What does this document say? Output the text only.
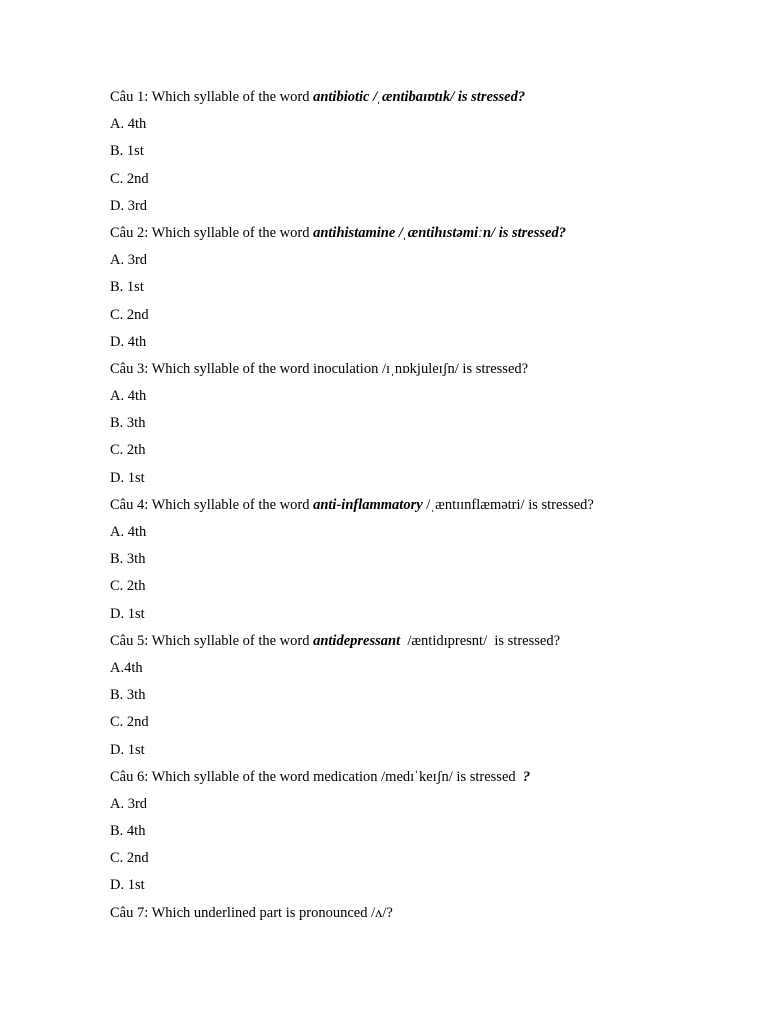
Câu 1: Which syllable of the word antibiotic /ˌæntibaɪɒtɪk/ is stressed?
A. 4th
B. 1st
C. 2nd
D. 3rd
Câu 2: Which syllable of the word antihistamine /ˌæntihɪstəmiːn/ is stressed?
A. 3rd
B. 1st
C. 2nd
D. 4th
Câu 3: Which syllable of the word inoculation /ɪˌnɒkjuleɪʃn/ is stressed?
A. 4th
B. 3th
C. 2th
D. 1st
Câu 4: Which syllable of the word anti-inflammatory /ˌæntɪɪnflæmətri/ is stressed?
A. 4th
B. 3th
C. 2th
D. 1st
Câu 5: Which syllable of the word antidepressant  /æntidɪpresnt/  is stressed?
A.4th
B. 3th
C. 2nd
D. 1st
Câu 6: Which syllable of the word medication /medɪˈkeɪʃn/ is stressed  ?
A. 3rd
B. 4th
C. 2nd
D. 1st
Câu 7: Which underlined part is pronounced /ʌ/?
